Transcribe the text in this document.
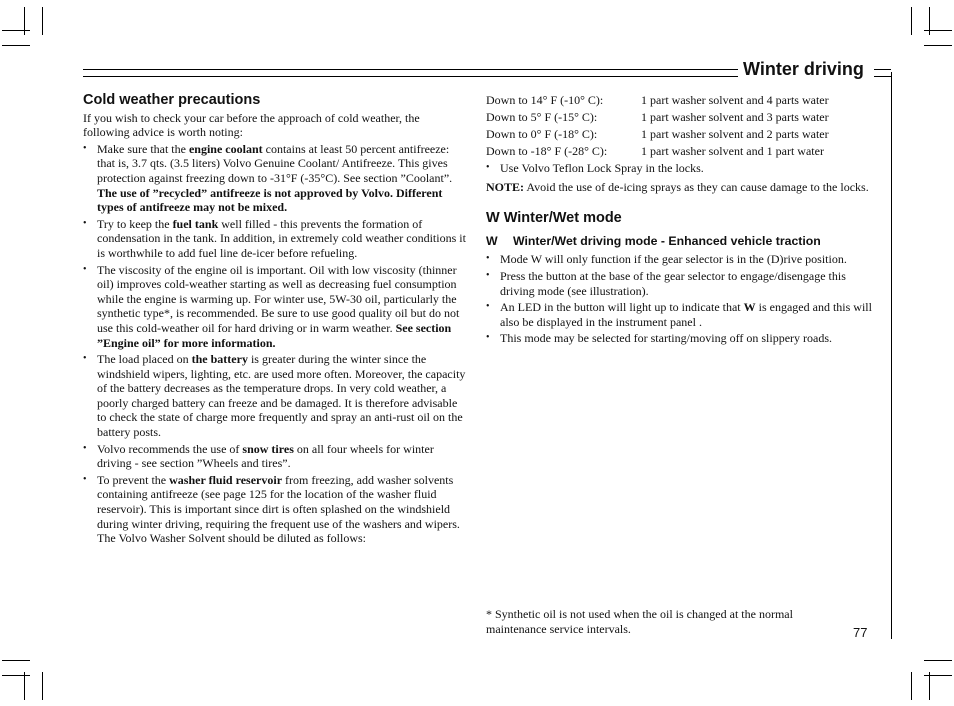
Winter driving
Cold weather precautions

If you wish to check your car before the approach of cold weather, the following advice is worth noting:

• Make sure that the engine coolant contains at least 50 percent antifreeze: that is, 3.7 qts. (3.5 liters) Volvo Genuine Coolant/ Antifreeze. This gives protection against freezing down to -31°F (-35°C). See section ”Coolant”. The use of ”recycled” antifreeze is not approved by Volvo. Different types of antifreeze may not be mixed.
• Try to keep the fuel tank well filled - this prevents the formation of condensation in the tank. In addition, in extremely cold weather conditions it is worthwhile to add fuel line de-icer before refueling.
• The viscosity of the engine oil is important. Oil with low viscosity (thinner oil) improves cold-weather starting as well as decreasing fuel consumption while the engine is warming up. For winter use, 5W-30 oil, particularly the synthetic type*, is recommended. Be sure to use good quality oil but do not use this cold-weather oil for hard driving or in warm weather. See section ”Engine oil” for more information.
• The load placed on the battery is greater during the winter since the windshield wipers, lighting, etc. are used more often. Moreover, the capacity of the battery decreases as the temperature drops. In very cold weather, a poorly charged battery can freeze and be damaged. It is therefore advisable to check the state of charge more frequently and spray an anti-rust oil on the battery posts.
• Volvo recommends the use of snow tires on all four wheels for winter driving - see section ”Wheels and tires”.
• To prevent the washer fluid reservoir from freezing, add washer solvents containing antifreeze (see page 125 for the location of the washer fluid reservoir). This is important since dirt is often splashed on the windshield during winter driving, requiring the frequent use of the washers and wipers. The Volvo Washer Solvent should be diluted as follows:
Down to 14° F (-10° C):	1 part washer solvent and 4 parts water
Down to 5° F (-15° C):	1 part washer solvent and 3 parts water
Down to 0° F (-18° C):	1 part washer solvent and 2 parts water
Down to -18° F (-28° C):	1 part washer solvent and 1 part water
• Use Volvo Teflon Lock Spray in the locks.

NOTE: Avoid the use of de-icing sprays as they can cause damage to the locks.

W Winter/Wet mode
W	Winter/Wet driving mode - Enhanced vehicle traction
• Mode W will only function if the gear selector is in the (D)rive position.
• Press the button at the base of the gear selector to engage/disengage this driving mode (see illustration).
• An LED in the button will light up to indicate that W is engaged and this will also be displayed in the instrument panel .
• This mode may be selected for starting/moving off on slippery roads.
* Synthetic oil is not used when the oil is changed at the normal maintenance service intervals.	77
